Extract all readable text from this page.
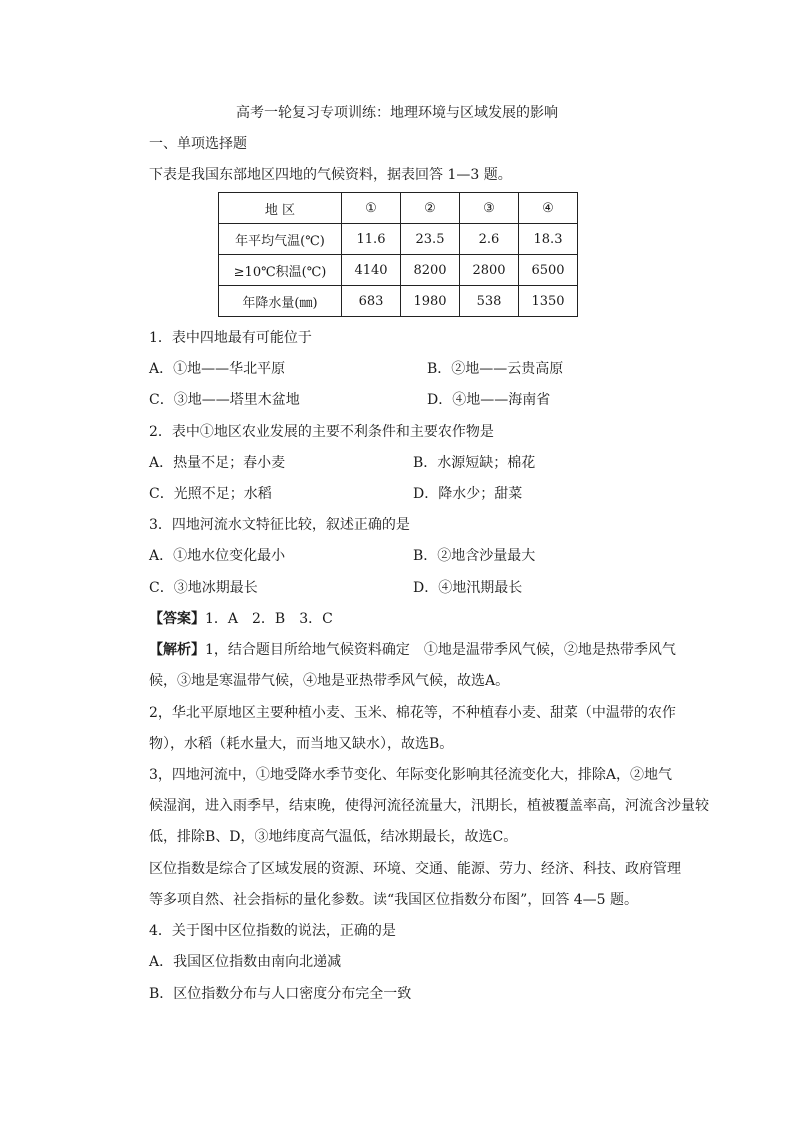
高考一轮复习专项训练：地理环境与区域发展的影响
一、单项选择题
下表是我国东部地区四地的气候资料，据表回答 1—3 题。
地 区	①	②	③	④
年平均气温(℃)	11.6	23.5	2.6	18.3
≥10℃积温(℃)	4140	8200	2800	6500
年降水量(㎜)	683	1980	538	1350
1．表中四地最有可能位于
A．①地——华北平原	B．②地——云贵高原
C．③地——塔里木盆地	D．④地——海南省
2．表中①地区农业发展的主要不利条件和主要农作物是
A．热量不足；春小麦	B．水源短缺；棉花
C．光照不足；水稻	D．降水少；甜菜
3．四地河流水文特征比较，叙述正确的是
A．①地水位变化最小	B．②地含沙量最大
C．③地冰期最长	D．④地汛期最长
【答案】1．A　2．B　3．C
【解析】1，结合题目所给地气候资料确定　①地是温带季风气候，②地是热带季风气
候，③地是寒温带气候，④地是亚热带季风气候，故选A。
2，华北平原地区主要种植小麦、玉米、棉花等，不种植春小麦、甜菜（中温带的农作
物），水稻（耗水量大，而当地又缺水），故选B。
3，四地河流中，①地受降水季节变化、年际变化影响其径流变化大，排除A，②地气
候湿润，进入雨季早，结束晚，使得河流径流量大，汛期长，植被覆盖率高，河流含沙量较
低，排除B、D，③地纬度高气温低，结冰期最长，故选C。
区位指数是综合了区域发展的资源、环境、交通、能源、劳力、经济、科技、政府管理
等多项自然、社会指标的量化参数。读“我国区位指数分布图”，回答 4—5 题。
4．关于图中区位指数的说法，正确的是
A．我国区位指数由南向北递减
B．区位指数分布与人口密度分布完全一致
